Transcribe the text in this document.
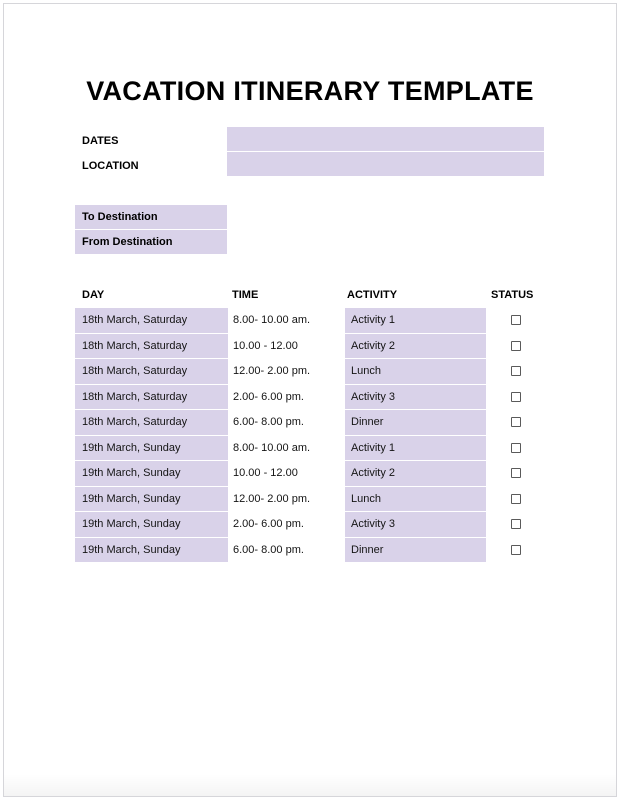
VACATION ITINERARY TEMPLATE
DATES
LOCATION
To Destination
From Destination
DAY	TIME	ACTIVITY	STATUS
18th March, Saturday	8.00- 10.00 am.	Activity 1
18th March, Saturday	10.00 - 12.00	Activity 2
18th March, Saturday	12.00- 2.00 pm.	Lunch
18th March, Saturday	2.00- 6.00 pm.	Activity 3
18th March, Saturday	6.00- 8.00 pm.	Dinner
19th March, Sunday	8.00- 10.00 am.	Activity 1
19th March, Sunday	10.00 - 12.00	Activity 2
19th March, Sunday	12.00- 2.00 pm.	Lunch
19th March, Sunday	2.00- 6.00 pm.	Activity 3
19th March, Sunday	6.00- 8.00 pm.	Dinner
